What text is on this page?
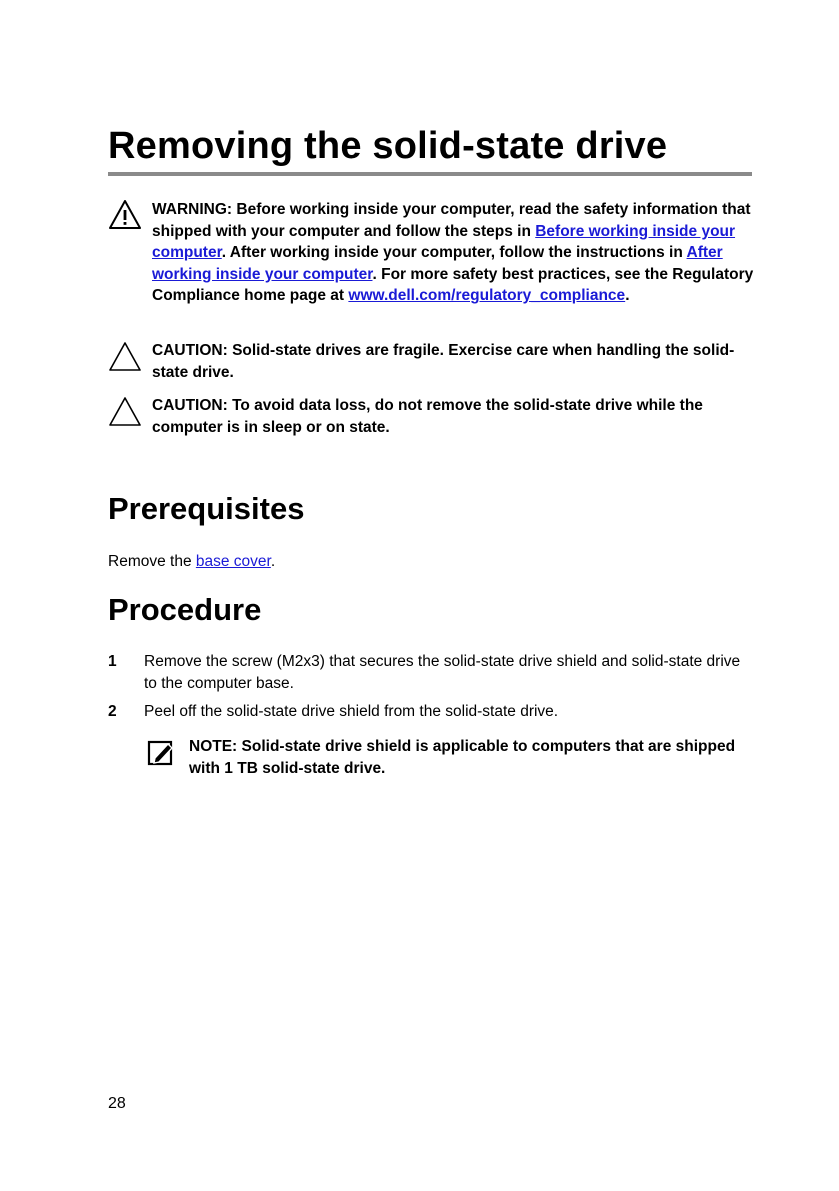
Removing the solid-state drive
WARNING: Before working inside your computer, read the safety information that shipped with your computer and follow the steps in Before working inside your computer. After working inside your computer, follow the instructions in After working inside your computer. For more safety best practices, see the Regulatory Compliance home page at www.dell.com/regulatory_compliance.
CAUTION: Solid-state drives are fragile. Exercise care when handling the solid-state drive.
CAUTION: To avoid data loss, do not remove the solid-state drive while the computer is in sleep or on state.
Prerequisites

Remove the base cover.

Procedure
1 Remove the screw (M2x3) that secures the solid-state drive shield and solid-state drive to the computer base.
2 Peel off the solid-state drive shield from the solid-state drive.
NOTE: Solid-state drive shield is applicable to computers that are shipped with 1 TB solid-state drive.
28
